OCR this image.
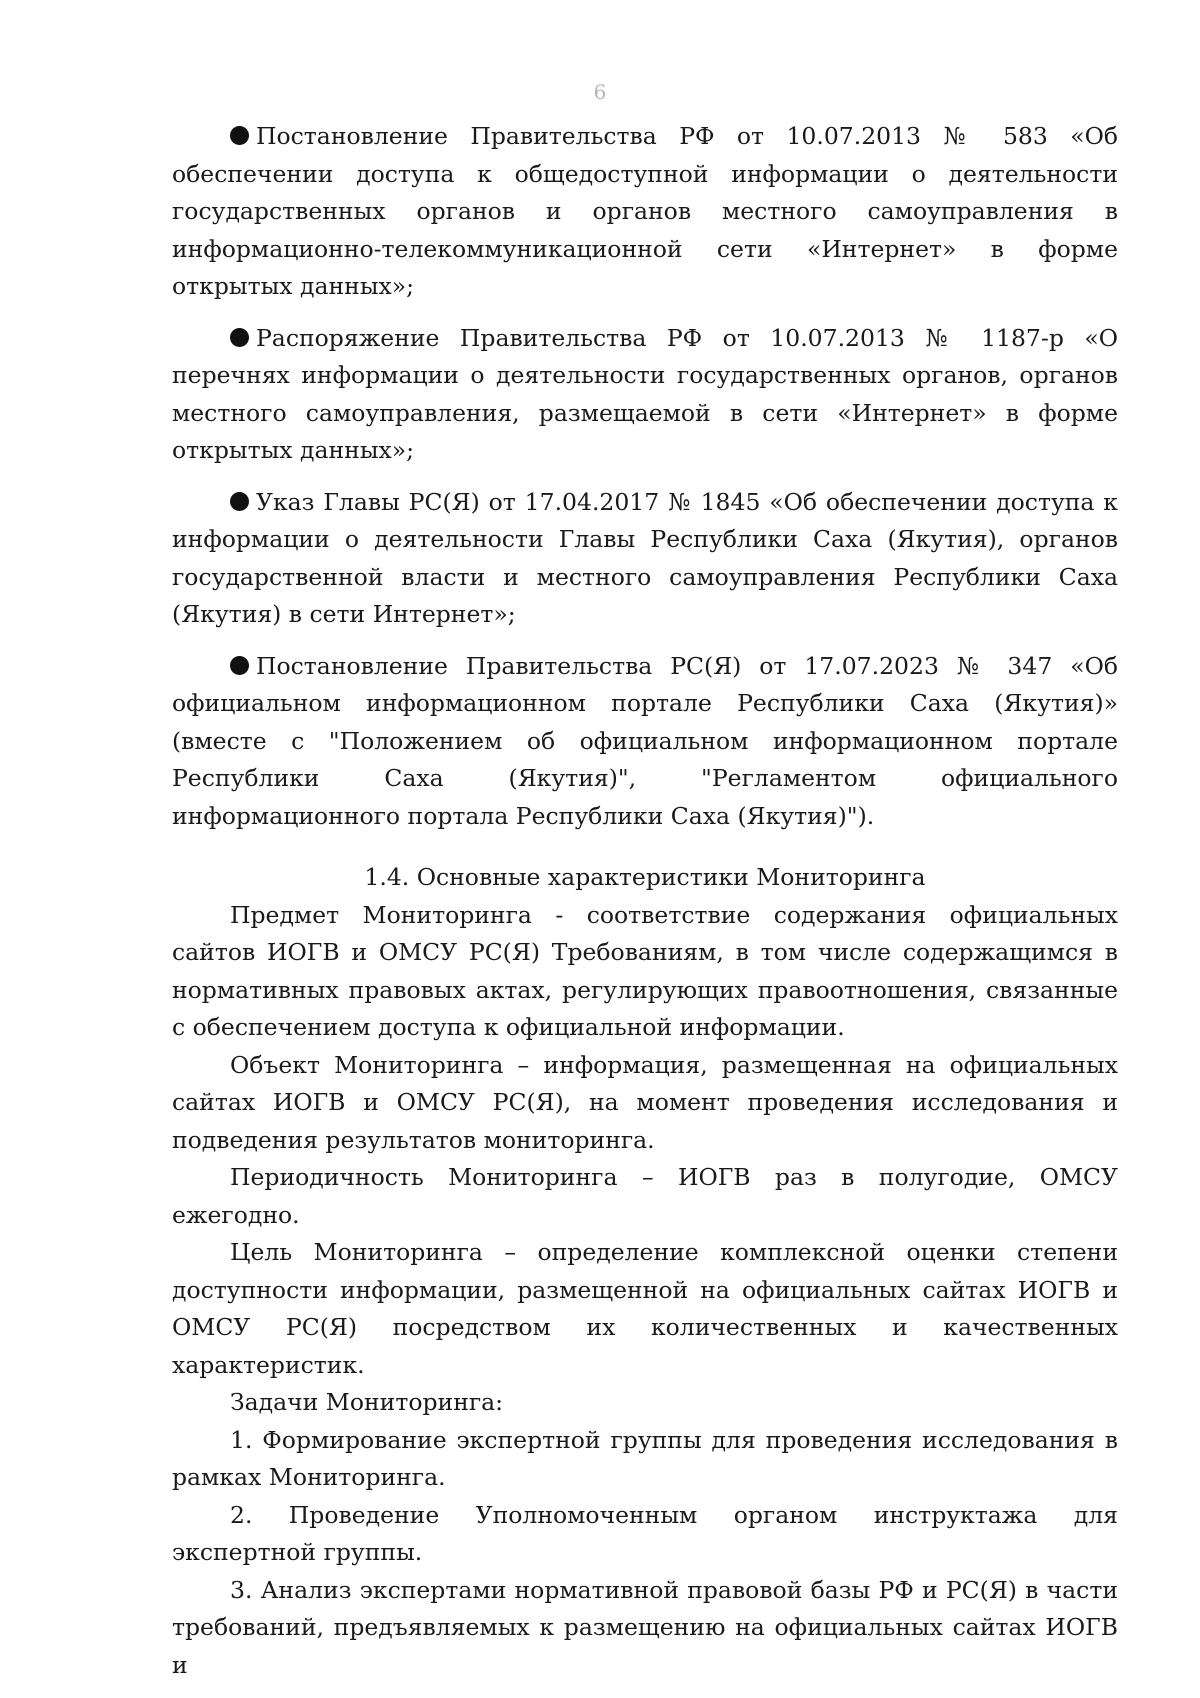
6

Постановление Правительства РФ от 10.07.2013 № 583 «Об обеспечении доступа к общедоступной информации о деятельности государственных органов и органов местного самоуправления в информационно-телекоммуникационной сети «Интернет» в форме открытых данных»;

Распоряжение Правительства РФ от 10.07.2013 № 1187-р «О перечнях информации о деятельности государственных органов, органов местного самоуправления, размещаемой в сети «Интернет» в форме открытых данных»;

Указ Главы РС(Я) от 17.04.2017 № 1845 «Об обеспечении доступа к информации о деятельности Главы Республики Саха (Якутия), органов государственной власти и местного самоуправления Республики Саха (Якутия) в сети Интернет»;

Постановление Правительства РС(Я) от 17.07.2023 № 347 «Об официальном информационном портале Республики Саха (Якутия)» (вместе с "Положением об официальном информационном портале Республики Саха (Якутия)", "Регламентом официального информационного портала Республики Саха (Якутия)").

1.4. Основные характеристики Мониторинга

Предмет Мониторинга - соответствие содержания официальных сайтов ИОГВ и ОМСУ РС(Я) Требованиям, в том числе содержащимся в нормативных правовых актах, регулирующих правоотношения, связанные с обеспечением доступа к официальной информации.

Объект Мониторинга – информация, размещенная на официальных сайтах ИОГВ и ОМСУ РС(Я), на момент проведения исследования и подведения результатов мониторинга.

Периодичность Мониторинга – ИОГВ раз в полугодие, ОМСУ ежегодно.

Цель Мониторинга – определение комплексной оценки степени доступности информации, размещенной на официальных сайтах ИОГВ и ОМСУ РС(Я) посредством их количественных и качественных характеристик.

Задачи Мониторинга:

1. Формирование экспертной группы для проведения исследования в рамках Мониторинга.

2. Проведение Уполномоченным органом инструктажа для экспертной группы.

3. Анализ экспертами нормативной правовой базы РФ и РС(Я) в части требований, предъявляемых к размещению на официальных сайтах ИОГВ и
